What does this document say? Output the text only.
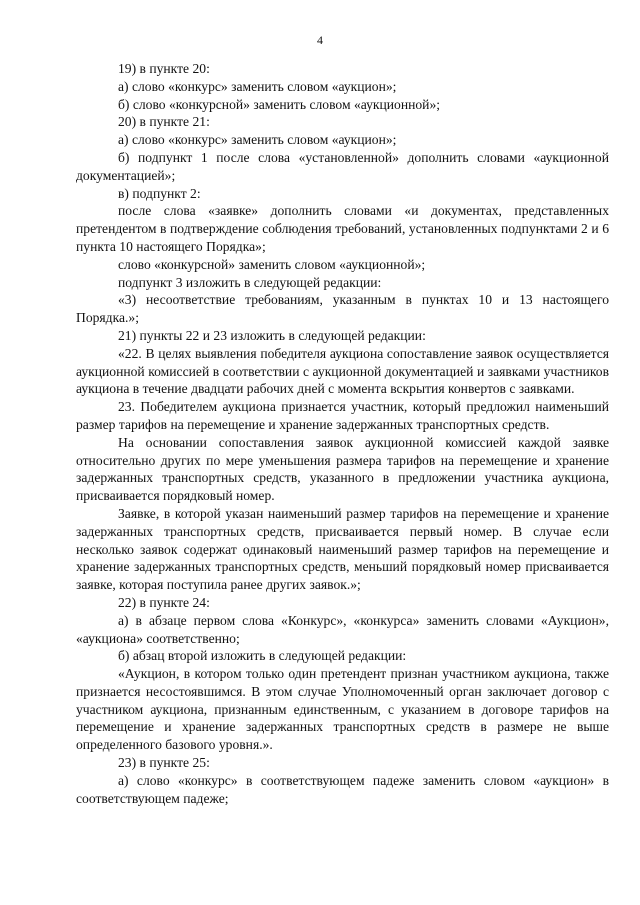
4

19) в пункте 20:

а) слово «конкурс» заменить словом «аукцион»;

б) слово «конкурсной» заменить словом «аукционной»;

20) в пункте 21:

а) слово «конкурс» заменить словом «аукцион»;

б) подпункт 1 после слова «установленной» дополнить словами «аукционной документацией»;

в) подпункт 2:

после слова «заявке» дополнить словами «и документах, представленных претендентом в подтверждение соблюдения требований, установленных подпунктами 2 и 6 пункта 10 настоящего Порядка»;

слово «конкурсной» заменить словом «аукционной»;

подпункт 3 изложить в следующей редакции:

«3) несоответствие требованиям, указанным в пунктах 10 и 13 настоящего Порядка.»;

21) пункты 22 и 23 изложить в следующей редакции:

«22. В целях выявления победителя аукциона сопоставление заявок осуществляется аукционной комиссией в соответствии с аукционной документацией и заявками участников аукциона в течение двадцати рабочих дней с момента вскрытия конвертов с заявками.

23. Победителем аукциона признается участник, который предложил наименьший размер тарифов на перемещение и хранение задержанных транспортных средств.

На основании сопоставления заявок аукционной комиссией каждой заявке относительно других по мере уменьшения размера тарифов на перемещение и хранение задержанных транспортных средств, указанного в предложении участника аукциона, присваивается порядковый номер.

Заявке, в которой указан наименьший размер тарифов на перемещение и хранение задержанных транспортных средств, присваивается первый номер. В случае если несколько заявок содержат одинаковый наименьший размер тарифов на перемещение и хранение задержанных транспортных средств, меньший порядковый номер присваивается заявке, которая поступила ранее других заявок.»;

22) в пункте 24:

а) в абзаце первом слова «Конкурс», «конкурса» заменить словами «Аукцион», «аукциона» соответственно;

б) абзац второй изложить в следующей редакции:

«Аукцион, в котором только один претендент признан участником аукциона, также признается несостоявшимся. В этом случае Уполномоченный орган заключает договор с участником аукциона, признанным единственным, с указанием в договоре тарифов на перемещение и хранение задержанных транспортных средств в размере не выше определенного базового уровня.».

23) в пункте 25:

а) слово «конкурс» в соответствующем падеже заменить словом «аукцион» в соответствующем падеже;
